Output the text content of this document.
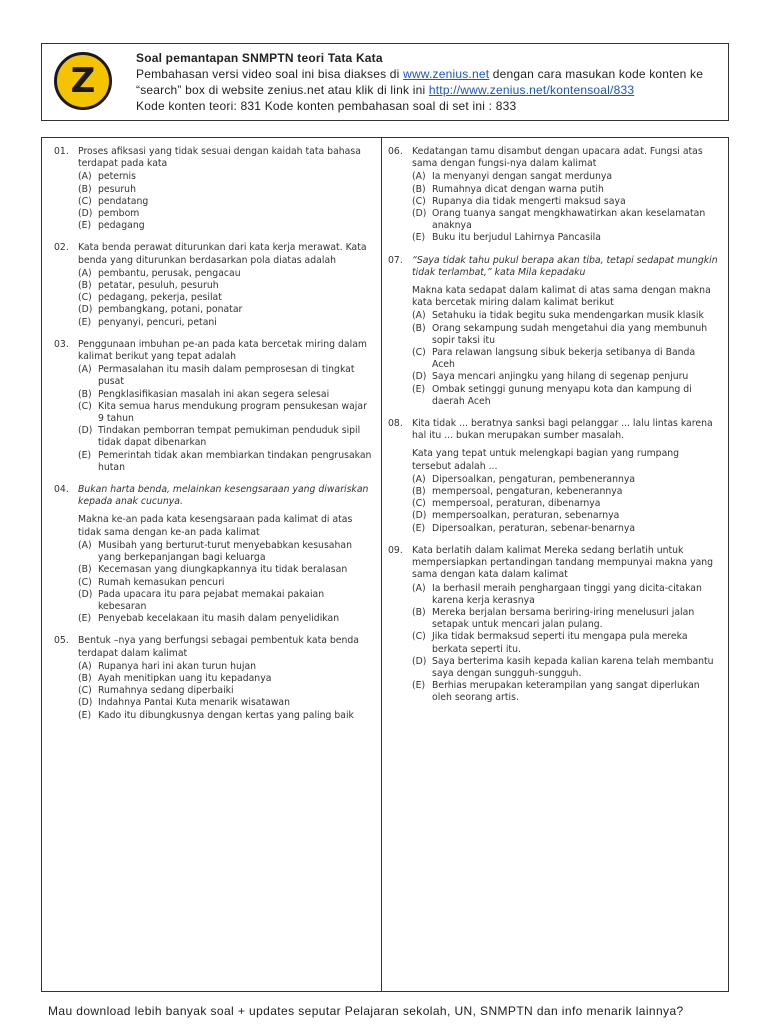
Z
Soal pemantapan SNMPTN teori Tata Kata
Pembahasan versi video soal ini bisa diakses di www.zenius.net dengan cara masukan kode konten ke
“search” box di website zenius.net atau klik di link ini http://www.zenius.net/kontensoal/833
Kode konten teori: 831 Kode konten pembahasan soal di set ini : 833
01. Proses afiksasi yang tidak sesuai dengan kaidah tata bahasa terdapat pada kata
(A) peternis
(B) pesuruh
(C) pendatang
(D) pembom
(E) pedagang
02. Kata benda perawat diturunkan dari kata kerja merawat. Kata benda yang diturunkan berdasarkan pola diatas adalah
(A) pembantu, perusak, pengacau
(B) petatar, pesuluh, pesuruh
(C) pedagang, pekerja, pesilat
(D) pembangkang, potani, ponatar
(E) penyanyi, pencuri, petani
03. Penggunaan imbuhan pe-an pada kata bercetak miring dalam kalimat berikut yang tepat adalah
(A) Permasalahan itu masih dalam pemprosesan di tingkat pusat
(B) Pengklasifikasian masalah ini akan segera selesai
(C) Kita semua harus mendukung program pensukesan wajar 9 tahun
(D) Tindakan pemborran tempat pemukiman penduduk sipil tidak dapat dibenarkan
(E) Pemerintah tidak akan membiarkan tindakan pengrusakan hutan
04. Bukan harta benda, melainkan kesengsaraan yang diwariskan kepada anak cucunya.
Makna ke-an pada kata kesengsaraan pada kalimat di atas tidak sama dengan ke-an pada kalimat
(A) Musibah yang berturut-turut menyebabkan kesusahan yang berkepanjangan bagi keluarga
(B) Kecemasan yang diungkapkannya itu tidak beralasan
(C) Rumah kemasukan pencuri
(D) Pada upacara itu para pejabat memakai pakaian kebesaran
(E) Penyebab kecelakaan itu masih dalam penyelidikan
05. Bentuk –nya yang berfungsi sebagai pembentuk kata benda terdapat dalam kalimat
(A) Rupanya hari ini akan turun hujan
(B) Ayah menitipkan uang itu kepadanya
(C) Rumahnya sedang diperbaiki
(D) Indahnya Pantai Kuta menarik wisatawan
(E) Kado itu dibungkusnya dengan kertas yang paling baik
06. Kedatangan tamu disambut dengan upacara adat. Fungsi atas sama dengan fungsi-nya dalam kalimat
(A) Ia menyanyi dengan sangat merdunya
(B) Rumahnya dicat dengan warna putih
(C) Rupanya dia tidak mengerti maksud saya
(D) Orang tuanya sangat mengkhawatirkan akan keselamatan anaknya
(E) Buku itu berjudul Lahirnya Pancasila
07. “Saya tidak tahu pukul berapa akan tiba, tetapi sedapat mungkin tidak terlambat,” kata Mila kepadaku
Makna kata sedapat dalam kalimat di atas sama dengan makna kata bercetak miring dalam kalimat berikut
(A) Setahuku ia tidak begitu suka mendengarkan musik klasik
(B) Orang sekampung sudah mengetahui dia yang membunuh sopir taksi itu
(C) Para relawan langsung sibuk bekerja setibanya di Banda Aceh
(D) Saya mencari anjingku yang hilang di segenap penjuru
(E) Ombak setinggi gunung menyapu kota dan kampung di daerah Aceh
08. Kita tidak ... beratnya sanksi bagi pelanggar ... lalu lintas karena hal itu ... bukan merupakan sumber masalah.
Kata yang tepat untuk melengkapi bagian yang rumpang tersebut adalah ...
(A) Dipersoalkan, pengaturan, pembenerannya
(B) mempersoal, pengaturan, kebenerannya
(C) mempersoal, peraturan, dibenarnya
(D) mempersoalkan, peraturan, sebenarnya
(E) Dipersoalkan, peraturan, sebenar-benarnya
09. Kata berlatih dalam kalimat Mereka sedang berlatih untuk mempersiapkan pertandingan tandang mempunyai makna yang sama dengan kata dalam kalimat
(A) Ia berhasil meraih penghargaan tinggi yang dicita-citakan karena kerja kerasnya
(B) Mereka berjalan bersama beriring-iring menelusuri jalan setapak untuk mencari jalan pulang.
(C) Jika tidak bermaksud seperti itu mengapa pula mereka berkata seperti itu.
(D) Saya berterima kasih kepada kalian karena telah membantu saya dengan sungguh-sungguh.
(E) Berhias merupakan keterampilan yang sangat diperlukan oleh seorang artis.
Mau download lebih banyak soal + updates seputar Pelajaran sekolah, UN, SNMPTN dan info menarik lainnya?
